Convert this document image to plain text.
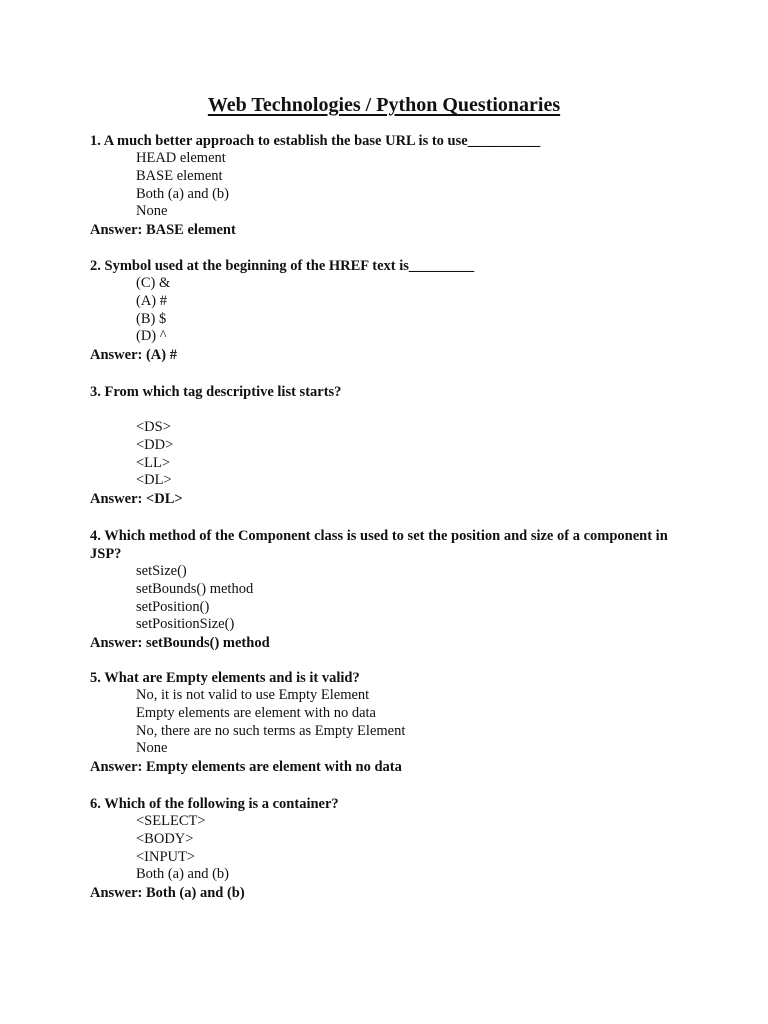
Web Technologies / Python Questionaries

1. A much better approach to establish the base URL is to use__________

HEAD element
BASE element
Both (a) and (b)
None

Answer: BASE element

2. Symbol used at the beginning of the HREF text is_________

(C) &
(A) #
(B) $
(D) ^

Answer: (A) #

3. From which tag descriptive list starts?

<DS>
<DD>
<LL>
<DL>

Answer: <DL>

4. Which method of the Component class is used to set the position and size of a component in JSP?

setSize()
setBounds() method
setPosition()
setPositionSize()

Answer: setBounds() method

5. What are Empty elements and is it valid?

No, it is not valid to use Empty Element
Empty elements are element with no data
No, there are no such terms as Empty Element
None

Answer: Empty elements are element with no data

6. Which of the following is a container?

<SELECT>
<BODY>
<INPUT>
Both (a) and (b)

Answer: Both (a) and (b)
